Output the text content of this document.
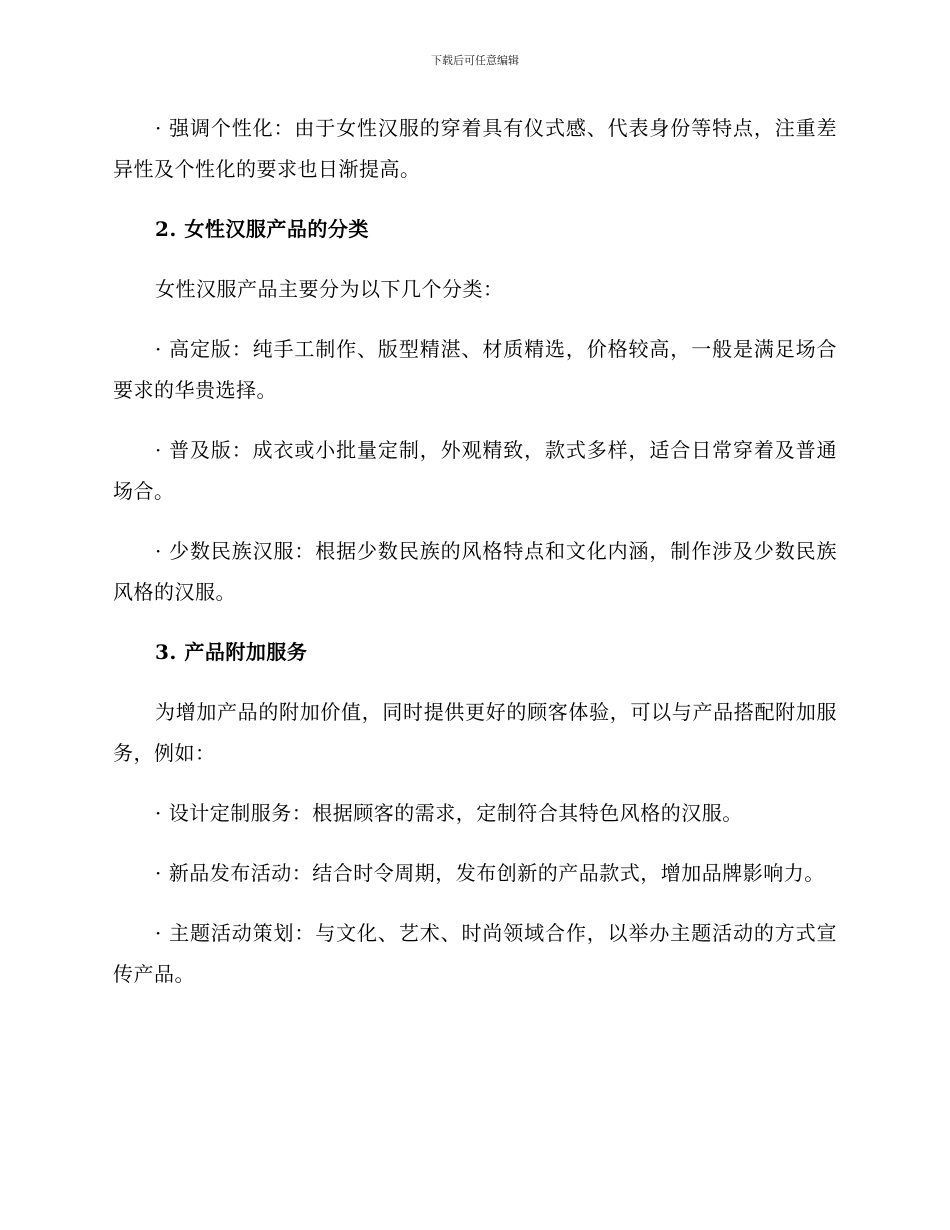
下载后可任意编辑

· 强调个性化：由于女性汉服的穿着具有仪式感、代表身份等特点，注重差异性及个性化的要求也日渐提高。

2. 女性汉服产品的分类

女性汉服产品主要分为以下几个分类：

· 高定版：纯手工制作、版型精湛、材质精选，价格较高，一般是满足场合要求的华贵选择。

· 普及版：成衣或小批量定制，外观精致，款式多样，适合日常穿着及普通场合。

· 少数民族汉服：根据少数民族的风格特点和文化内涵，制作涉及少数民族风格的汉服。

3. 产品附加服务

为增加产品的附加价值，同时提供更好的顾客体验，可以与产品搭配附加服务，例如：

· 设计定制服务：根据顾客的需求，定制符合其特色风格的汉服。

· 新品发布活动：结合时令周期，发布创新的产品款式，增加品牌影响力。

· 主题活动策划：与文化、艺术、时尚领域合作，以举办主题活动的方式宣传产品。
